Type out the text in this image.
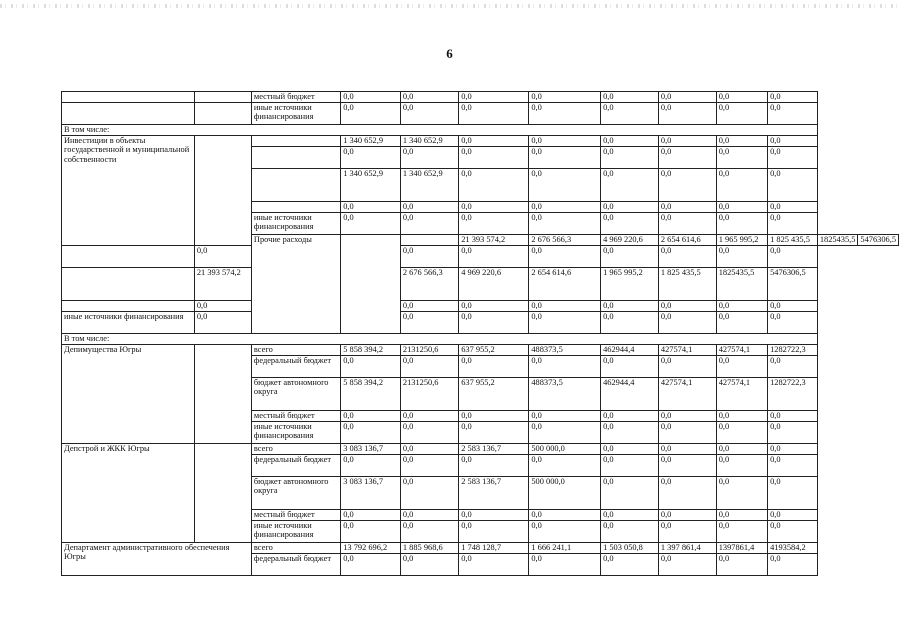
6
		местный бюджет	0,0	0,0	0,0	0,0	0,0	0,0	0,0	0,0		
		иные источники финансирования	0,0	0,0	0,0	0,0	0,0	0,0	0,0	0,0		
В том числе:												
Инвестиции в объекты государственной и муниципальной собственности			1 340 652,9	1 340 652,9	0,0	0,0	0,0	0,0	0,0	0,0		
			0,0	0,0	0,0	0,0	0,0	0,0	0,0	0,0		
			1 340 652,9	1 340 652,9	0,0	0,0	0,0	0,0	0,0	0,0		
			0,0	0,0	0,0	0,0	0,0	0,0	0,0	0,0		
		иные источники финансирования	0,0	0,0	0,0	0,0	0,0	0,0	0,0	0,0		
		Прочие расходы			21 393 574,2	2 676 566,3	4 969 220,6	2 654 614,6	1 965 995,2	1 825 435,5	1825435,5	5476306,5
	0,0			0,0	0,0	0,0	0,0	0,0	0,0	0,0		
	21 393 574,2			2 676 566,3	4 969 220,6	2 654 614,6	1 965 995,2	1 825 435,5	1825435,5	5476306,5		
	0,0			0,0	0,0	0,0	0,0	0,0	0,0	0,0		
иные источники финансирования	0,0			0,0	0,0	0,0	0,0	0,0	0,0	0,0		
В том числе:												
Депимущества Югры		всего	5 858 394,2	2131250,6	637 955,2	488373,5	462944,4	427574,1	427574,1	1282722,3		
		федеральный бюджет	0,0	0,0	0,0	0,0	0,0	0,0	0,0	0,0		
		бюджет автономного округа	5 858 394,2	2131250,6	637 955,2	488373,5	462944,4	427574,1	427574,1	1282722,3		
		местный бюджет	0,0	0,0	0,0	0,0	0,0	0,0	0,0	0,0		
		иные источники финансирования	0,0	0,0	0,0	0,0	0,0	0,0	0,0	0,0		
Депстрой и ЖКК Югры		всего	3 083 136,7	0,0	2 583 136,7	500 000,0	0,0	0,0	0,0	0,0		
		федеральный бюджет	0,0	0,0	0,0	0,0	0,0	0,0	0,0	0,0		
		бюджет автономного округа	3 083 136,7	0,0	2 583 136,7	500 000,0	0,0	0,0	0,0	0,0		
		местный бюджет	0,0	0,0	0,0	0,0	0,0	0,0	0,0	0,0		
		иные источники финансирования	0,0	0,0	0,0	0,0	0,0	0,0	0,0	0,0		
Департамент административного обеспечения Югры		всего	13 792 696,2	1 885 968,6	1 748 128,7	1 666 241,1	1 503 050,8	1 397 861,4	1397861,4	4193584,2		
		федеральный бюджет	0,0	0,0	0,0	0,0	0,0	0,0	0,0	0,0		
